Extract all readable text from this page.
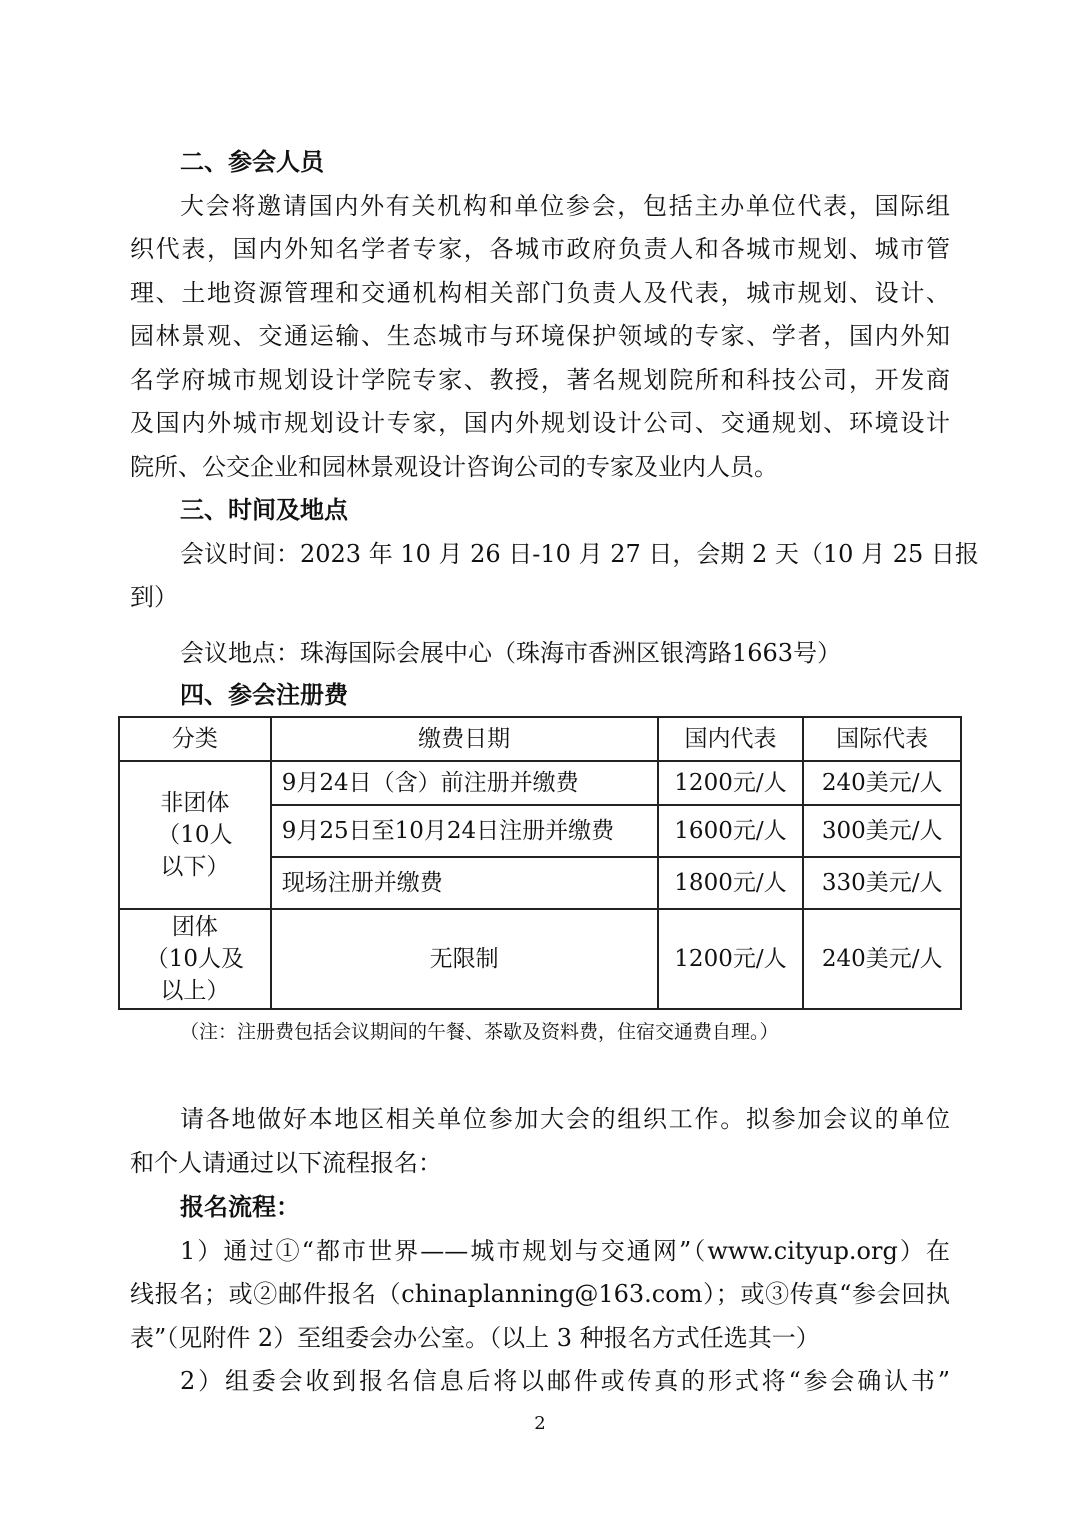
二、参会人员
大会将邀请国内外有关机构和单位参会，包括主办单位代表，国际组
织代表，国内外知名学者专家，各城市政府负责人和各城市规划、城市管
理、土地资源管理和交通机构相关部门负责人及代表，城市规划、设计、
园林景观、交通运输、生态城市与环境保护领域的专家、学者，国内外知
名学府城市规划设计学院专家、教授，著名规划院所和科技公司，开发商
及国内外城市规划设计专家，国内外规划设计公司、交通规划、环境设计
院所、公交企业和园林景观设计咨询公司的专家及业内人员。
三、时间及地点
会议时间：2023 年 10 月 26 日-10 月 27 日，会期 2 天（10 月 25 日报
到）
会议地点：珠海国际会展中心（珠海市香洲区银湾路1663号）
四、参会注册费
分类	缴费日期	国内代表	国际代表

非团体
（10人
以下）	9月24日（含）前注册并缴费	1200元/人	240美元/人
	9月25日至10月24日注册并缴费	1600元/人	300美元/人
	现场注册并缴费	1800元/人	330美元/人

团体
（10人及
以上）	无限制	1200元/人	240美元/人
（注：注册费包括会议期间的午餐、茶歇及资料费，住宿交通费自理。）
请各地做好本地区相关单位参加大会的组织工作。拟参加会议的单位
和个人请通过以下流程报名：
报名流程：
1）通过①“都市世界——城市规划与交通网”（www.cityup.org）在
线报名；或②邮件报名（chinaplanning@163.com）；或③传真“参会回执
表”（见附件 2）至组委会办公室。（以上 3 种报名方式任选其一）
2）组委会收到报名信息后将以邮件或传真的形式将“参会确认书”
2
